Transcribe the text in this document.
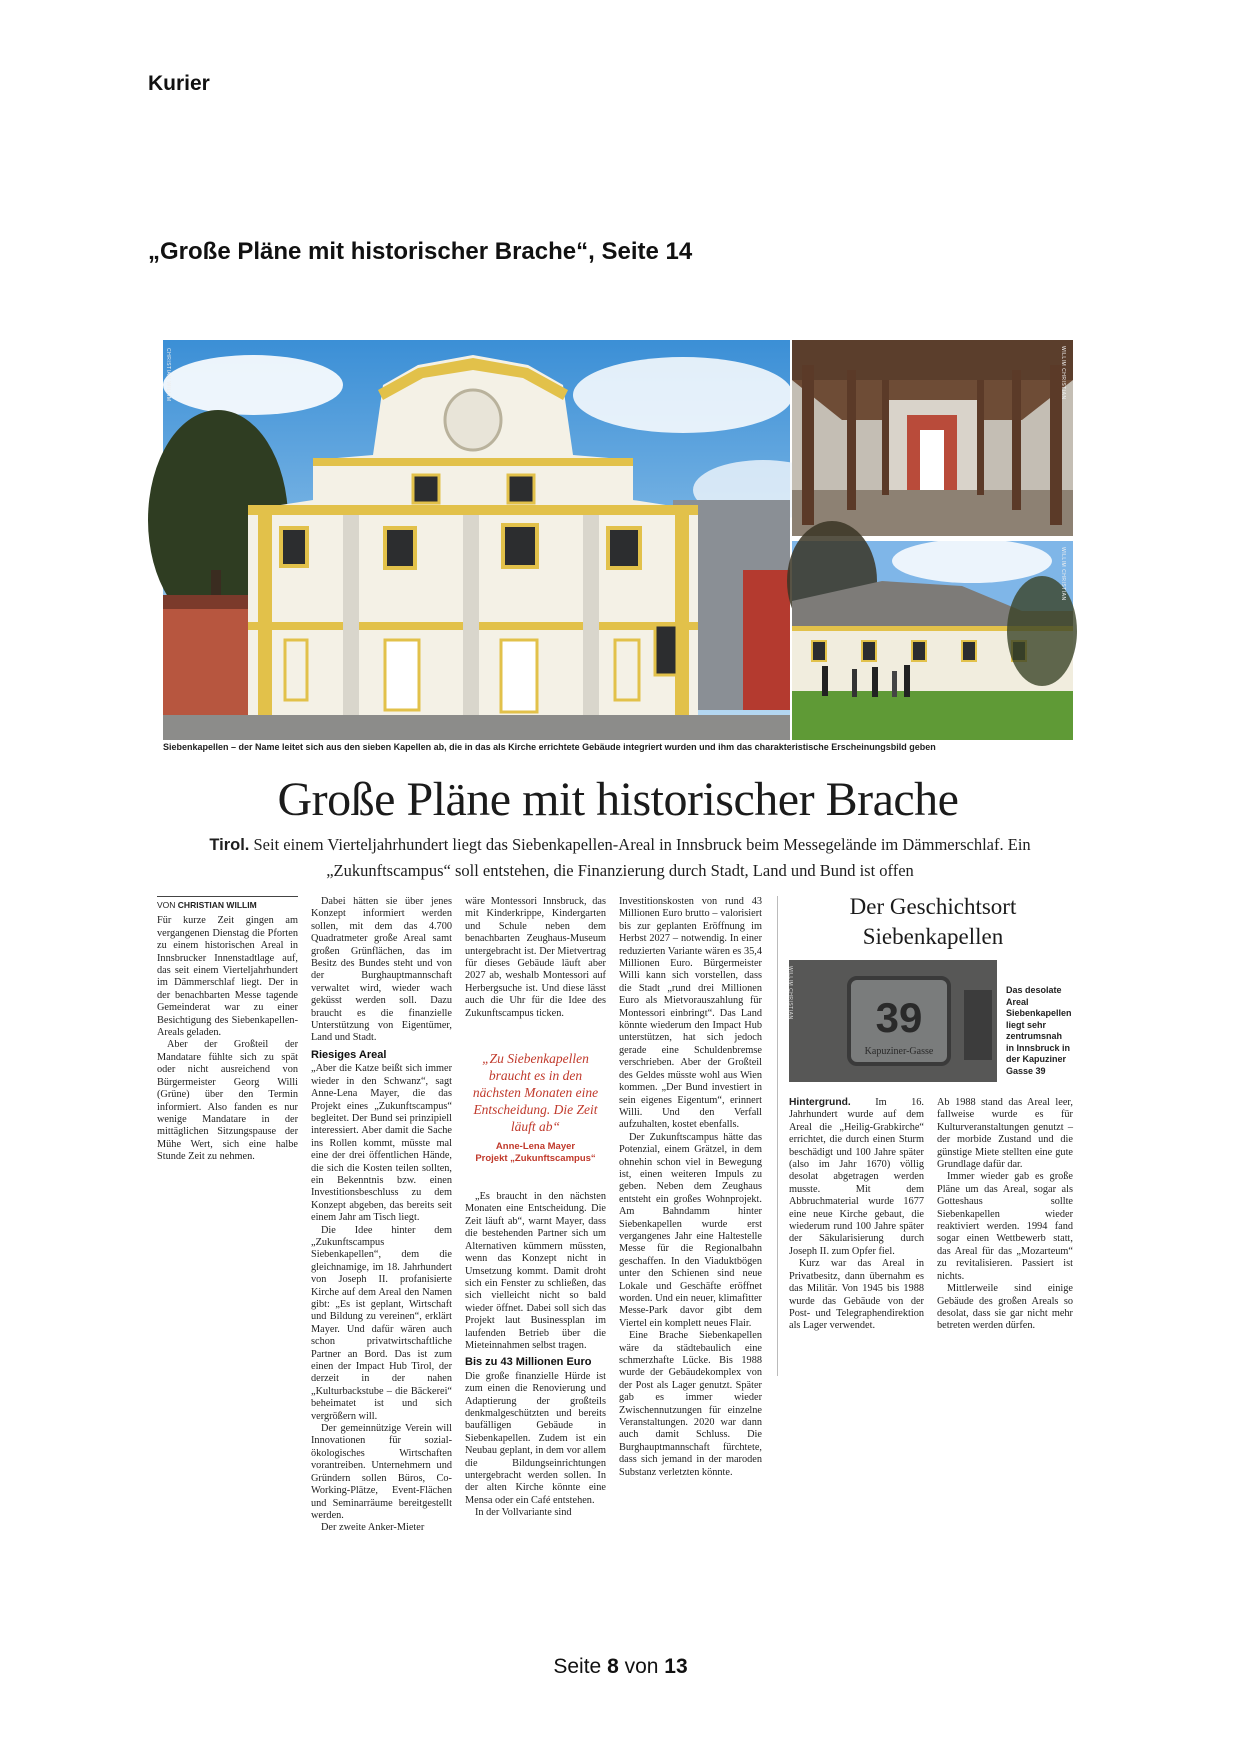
Kurier
„Große Pläne mit historischer Brache“, Seite 14
CHRISTIAN WILLIM	WILLIM CHRISTIAN
WILLIM CHRISTIAN
Siebenkapellen – der Name leitet sich aus den sieben Kapellen ab, die in das als Kirche errichtete Gebäude integriert wurden und ihm das charakteristische Erscheinungsbild geben
Große Pläne mit historischer Brache
Tirol. Seit einem Vierteljahrhundert liegt das Siebenkapellen-Areal in Innsbruck beim Messegelände im Dämmerschlaf. Ein „Zukunftscampus“ soll entstehen, die Finanzierung durch Stadt, Land und Bund ist offen
VON CHRISTIAN WILLIM

Für kurze Zeit gingen am vergangenen Dienstag die Pforten zu einem historischen Areal in Innsbrucker Innenstadtlage auf, das seit einem Vierteljahrhundert im Dämmerschlaf liegt. Der in der benachbarten Messe tagende Gemeinderat war zu einer Besichtigung des Siebenkapellen-Areals geladen.

Aber der Großteil der Mandatare fühlte sich zu spät oder nicht ausreichend von Bürgermeister Georg Willi (Grüne) über den Termin informiert. Also fanden es nur wenige Mandatare in der mittäglichen Sitzungspause der Mühe Wert, sich eine halbe Stunde Zeit zu nehmen.

Dabei hätten sie über jenes Konzept informiert werden sollen, mit dem das 4.700 Quadratmeter große Areal samt großen Grünflächen, das im Besitz des Bundes steht und von der Burghauptmannschaft verwaltet wird, wieder wach geküsst werden soll. Dazu braucht es die finanzielle Unterstützung von Eigentümer, Land und Stadt.

Riesiges Areal

„Aber die Katze beißt sich immer wieder in den Schwanz“, sagt Anne-Lena Mayer, die das Projekt eines „Zukunftscampus“ begleitet. Der Bund sei prinzipiell interessiert. Aber damit die Sache ins Rollen kommt, müsste mal eine der drei öffentlichen Hände, die sich die Kosten teilen sollten, ein Bekenntnis bzw. einen Investitionsbeschluss zu dem Konzept abgeben, das bereits seit einem Jahr am Tisch liegt.

Die Idee hinter dem „Zukunftscampus Siebenkapellen“, dem die gleichnamige, im 18. Jahrhundert von Joseph II. profanisierte Kirche auf dem Areal den Namen gibt: „Es ist geplant, Wirtschaft und Bildung zu vereinen“, erklärt Mayer. Und dafür wären auch schon privatwirtschaftliche Partner an Bord. Das ist zum einen der Impact Hub Tirol, der derzeit in der nahen „Kulturbackstube – die Bäckerei“ beheimatet ist und sich vergrößern will.

Der gemeinnützige Verein will Innovationen für sozial-ökologisches Wirtschaften vorantreiben. Unternehmern und Gründern sollen Büros, Co-Working-Plätze, Event-Flächen und Seminarräume bereitgestellt werden.

Der zweite Anker-Mieter

wäre Montessori Innsbruck, das mit Kinderkrippe, Kindergarten und Schule neben dem benachbarten Zeughaus-Museum untergebracht ist. Der Mietvertrag für dieses Gebäude läuft aber 2027 ab, weshalb Montessori auf Herbergsuche ist. Und diese lässt auch die Uhr für die Idee des Zukunftscampus ticken.

„Zu Siebenkapellen braucht es in den nächsten Monaten eine Entscheidung. Die Zeit läuft ab“
Anne-Lena Mayer
Projekt „Zukunftscampus“

„Es braucht in den nächsten Monaten eine Entscheidung. Die Zeit läuft ab“, warnt Mayer, dass die bestehenden Partner sich um Alternativen kümmern müssten, wenn das Konzept nicht in Umsetzung kommt. Damit droht sich ein Fenster zu schließen, das sich vielleicht nicht so bald wieder öffnet. Dabei soll sich das Projekt laut Businessplan im laufenden Betrieb über die Mieteinnahmen selbst tragen.

Bis zu 43 Millionen Euro

Die große finanzielle Hürde ist zum einen die Renovierung und Adaptierung der großteils denkmalgeschützten und bereits baufälligen Gebäude in Siebenkapellen. Zudem ist ein Neubau geplant, in dem vor allem die Bildungseinrichtungen untergebracht werden sollen. In der alten Kirche könnte eine Mensa oder ein Café entstehen.

In der Vollvariante sind

Investitionskosten von rund 43 Millionen Euro brutto – valorisiert bis zur geplanten Eröffnung im Herbst 2027 – notwendig. In einer reduzierten Variante wären es 35,4 Millionen Euro. Bürgermeister Willi kann sich vorstellen, dass die Stadt „rund drei Millionen Euro als Mietvorauszahlung für Montessori einbringt“. Das Land könnte wiederum den Impact Hub unterstützen, hat sich jedoch gerade eine Schuldenbremse verschrieben. Aber der Großteil des Geldes müsste wohl aus Wien kommen. „Der Bund investiert in sein eigenes Eigentum“, erinnert Willi. Und den Verfall aufzuhalten, kostet ebenfalls.

Der Zukunftscampus hätte das Potenzial, einem Grätzel, in dem ohnehin schon viel in Bewegung ist, einen weiteren Impuls zu geben. Neben dem Zeughaus entsteht ein großes Wohnprojekt. Am Bahndamm hinter Siebenkapellen wurde erst vergangenes Jahr eine Haltestelle Messe für die Regionalbahn geschaffen. In den Viaduktbögen unter den Schienen sind neue Lokale und Geschäfte eröffnet worden. Und ein neuer, klimafitter Messe-Park davor gibt dem Viertel ein komplett neues Flair.

Eine Brache Siebenkapellen wäre da städtebaulich eine schmerzhafte Lücke. Bis 1988 wurde der Gebäudekomplex von der Post als Lager genutzt. Später gab es immer wieder Zwischennutzungen für einzelne Veranstaltungen. 2020 war dann auch damit Schluss. Die Burghauptmannschaft fürchtete, dass sich jemand in der maroden Substanz verletzten könnte.

Der Geschichtsort
Siebenkapellen
39
Kapuziner-Gasse
WILLIM CHRISTIAN	Das desolate Areal Siebenkapellen liegt sehr zentrumsnah in Innsbruck in der Kapuziner Gasse 39

Hintergrund. Im 16. Jahrhundert wurde auf dem Areal die „Heilig-Grabkirche“ errichtet, die durch einen Sturm beschädigt und 100 Jahre später (also im Jahr 1670) völlig desolat abgetragen werden musste. Mit dem Abbruchmaterial wurde 1677 eine neue Kirche gebaut, die wiederum rund 100 Jahre später der Säkularisierung durch Joseph II. zum Opfer fiel.

Kurz war das Areal in Privatbesitz, dann übernahm es das Militär. Von 1945 bis 1988 wurde das Gebäude von der Post- und Telegraphendirektion als Lager verwendet.

Ab 1988 stand das Areal leer, fallweise wurde es für Kulturveranstaltungen genutzt – der morbide Zustand und die günstige Miete stellten eine gute Grundlage dafür dar.

Immer wieder gab es große Pläne um das Areal, sogar als Gotteshaus sollte Siebenkapellen wieder reaktiviert werden. 1994 fand sogar einen Wettbewerb statt, das Areal für das „Mozarteum“ zu revitalisieren. Passiert ist nichts.

Mittlerweile sind einige Gebäude des großen Areals so desolat, dass sie gar nicht mehr betreten werden dürfen.

Seite 8 von 13
